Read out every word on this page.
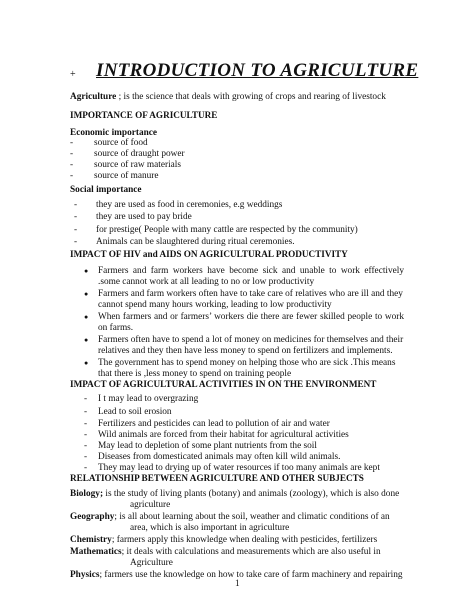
+ INTRODUCTION TO AGRICULTURE
Agriculture ; is the science that deals with growing of crops and rearing of livestock
IMPORTANCE OF AGRICULTURE
Economic importance
- source of food
- source of draught power
- source of raw materials
- source of manure
Social importance
- they are used as food in ceremonies, e.g weddings
- they are used to pay bride
- for prestige( People with many cattle are respected by the community)
- Animals can be slaughtered during ritual ceremonies.
IMPACT OF HIV and AIDS ON AGRICULTURAL PRODUCTIVITY
● Farmers and farm workers have become sick and unable to work effectively
.some cannot work at all leading to no or low productivity
● Farmers and farm workers often have to take care of relatives who are ill and they
cannot spend many hours working, leading to low productivity
● When farmers and or farmers’ workers die there are fewer skilled people to work
on farms.
● Farmers often have to spend a lot of money on medicines for themselves and their
relatives and they then have less money to spend on fertilizers and implements.
● The government has to spend money on helping those who are sick .This means
that there is ,less money to spend on training people
IMPACT OF AGRICULTURAL ACTIVITIES IN ON THE ENVIRONMENT
- I t may lead to overgrazing
- Lead to soil erosion
- Fertilizers and pesticides can lead to pollution of air and water
- Wild animals are forced from their habitat for agricultural activities
- May lead to depletion of some plant nutrients from the soil
- Diseases from domesticated animals may often kill wild animals.
- They may lead to drying up of water resources if too many animals are kept
RELATIONSHIP BETWEEN AGRICULTURE AND OTHER SUBJECTS
Biology; is the study of living plants (botany) and animals (zoology), which is also done
agriculture
Geography; is all about learning about the soil, weather and climatic conditions of an
area, which is also important in agriculture
Chemistry; farmers apply this knowledge when dealing with pesticides, fertilizers
Mathematics; it deals with calculations and measurements which are also useful in
Agriculture
Physics; farmers use the knowledge on how to take care of farm machinery and repairing
1
